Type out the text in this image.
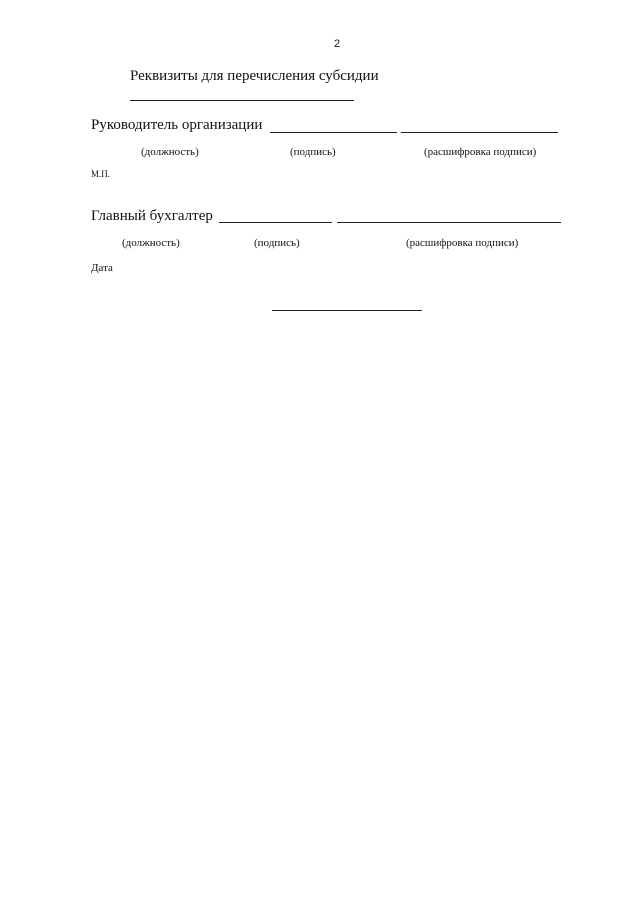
2
Реквизиты для перечисления субсидии
Руководитель организации
(должность)	(подпись)	(расшифровка подписи)
М.П.
Главный бухгалтер
(должность)	(подпись)	(расшифровка подписи)
Дата
